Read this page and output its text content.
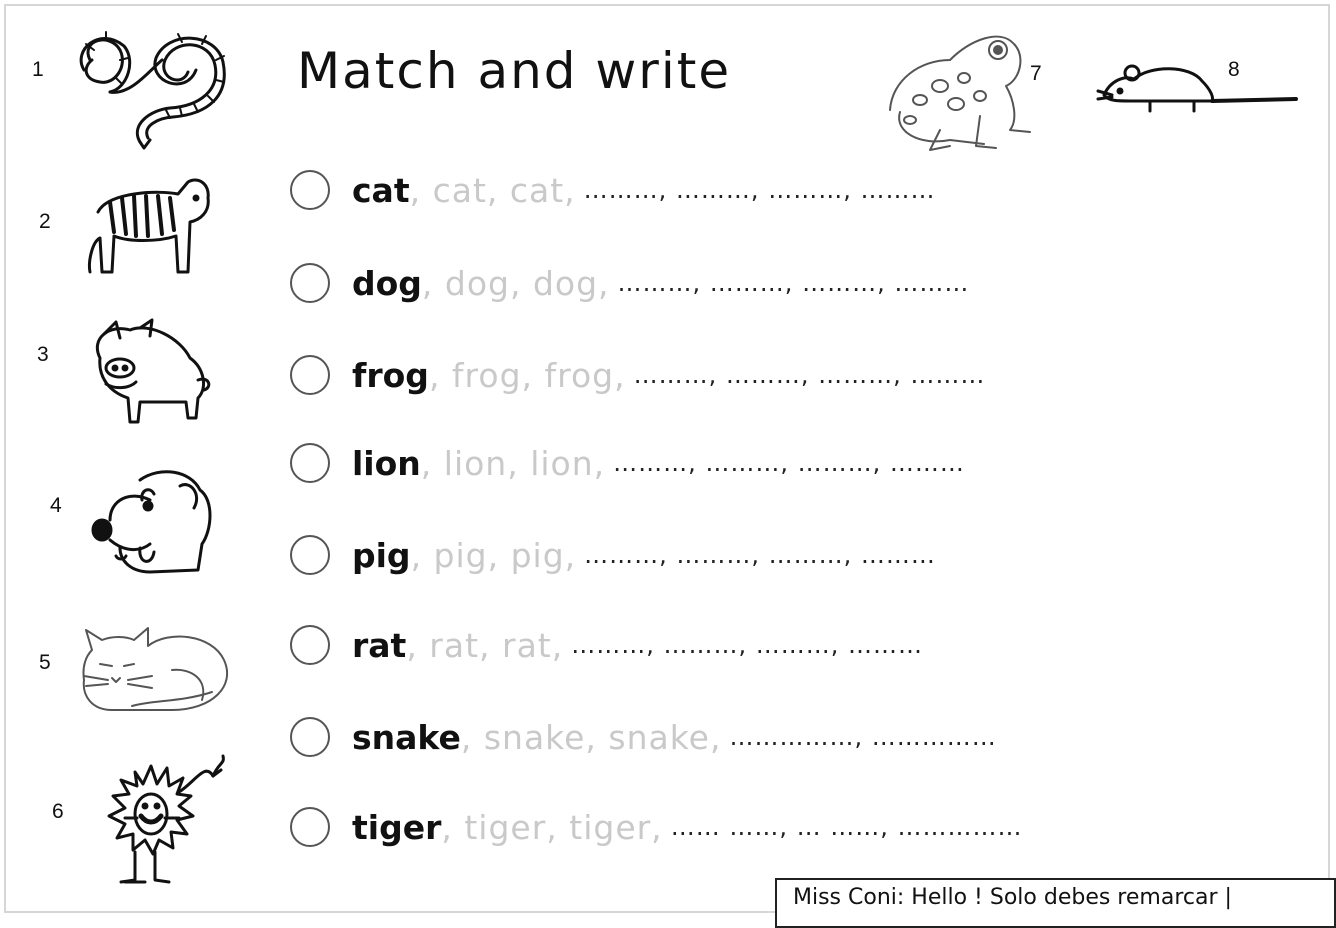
1
2
3
4
5
6
7	8
Match and write
cat , cat, cat, ………, ………, ………, ………
dog , dog, dog, ………, ………, ………, ………
frog , frog, frog, ………, ………, ………, ………
lion , lion, lion, ………, ………, ………, ………
pig , pig, pig, ………, ………, ………, ………
rat , rat, rat, ………, ………, ………, ………
snake , snake, snake, ……………, ……………
tiger , tiger, tiger, …… ……, … ……, ……………
Miss Coni: Hello ! Solo debes remarcar |
